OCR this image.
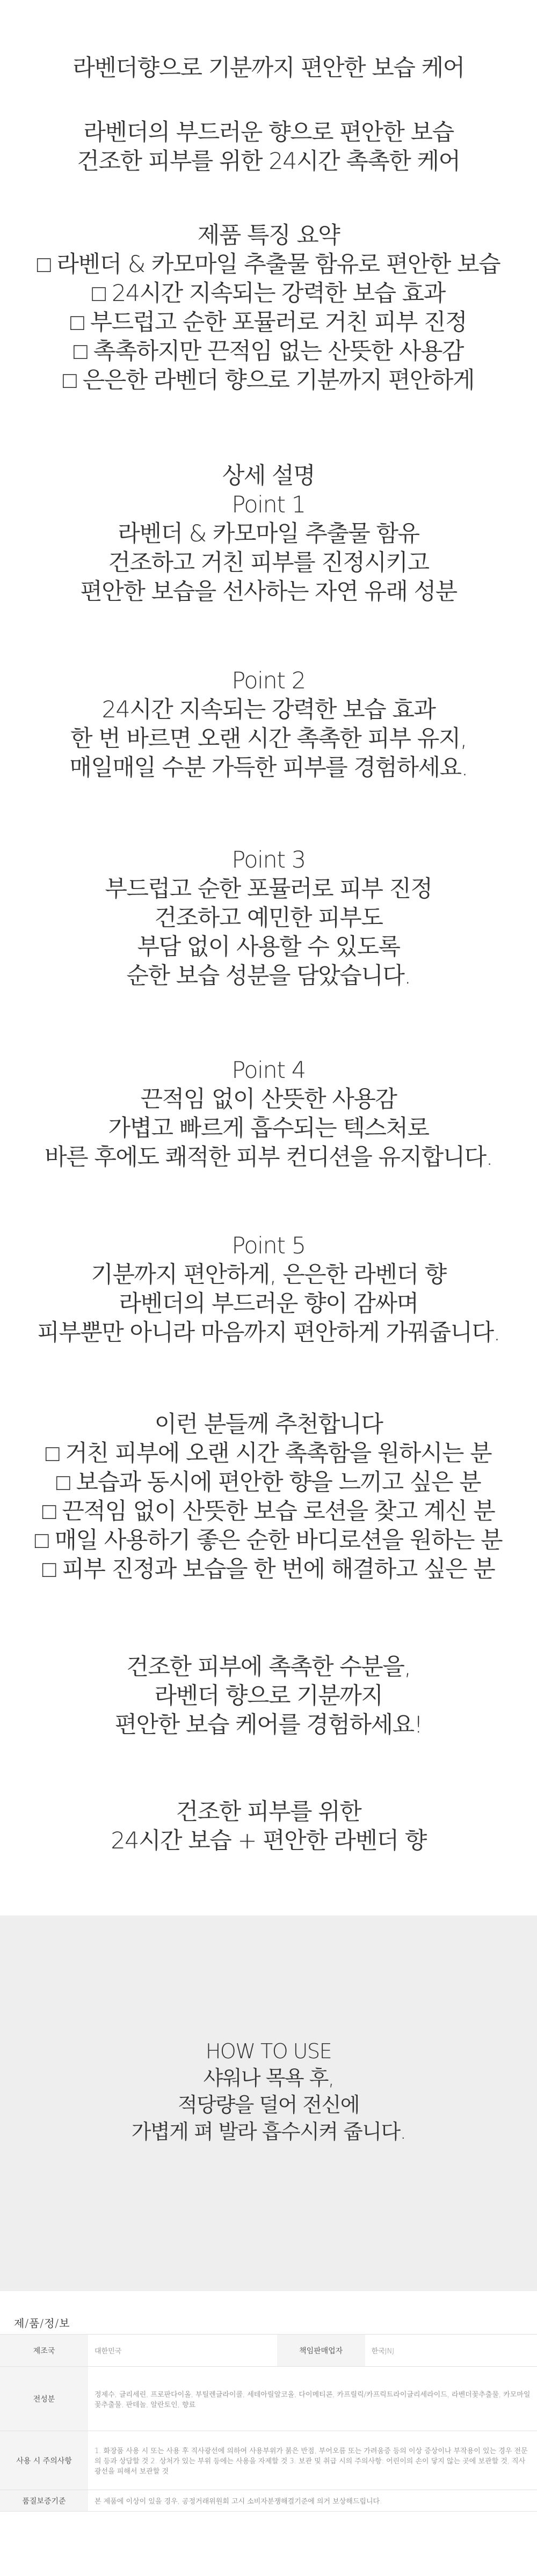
라벤더향으로 기분까지 편안한 보습 케어
라벤더의 부드러운 향으로 편안한 보습
건조한 피부를 위한 24시간 촉촉한 케어
제품 특징 요약
□ 라벤더 & 카모마일 추출물 함유로 편안한 보습
□ 24시간 지속되는 강력한 보습 효과
□ 부드럽고 순한 포뮬러로 거친 피부 진정
□ 촉촉하지만 끈적임 없는 산뜻한 사용감
□ 은은한 라벤더 향으로 기분까지 편안하게
상세 설명
Point 1
라벤더 & 카모마일 추출물 함유
건조하고 거친 피부를 진정시키고
편안한 보습을 선사하는 자연 유래 성분
Point 2
24시간 지속되는 강력한 보습 효과
한 번 바르면 오랜 시간 촉촉한 피부 유지,
매일매일 수분 가득한 피부를 경험하세요.
Point 3
부드럽고 순한 포뮬러로 피부 진정
건조하고 예민한 피부도
부담 없이 사용할 수 있도록
순한 보습 성분을 담았습니다.
Point 4
끈적임 없이 산뜻한 사용감
가볍고 빠르게 흡수되는 텍스처로
바른 후에도 쾌적한 피부 컨디션을 유지합니다.
Point 5
기분까지 편안하게, 은은한 라벤더 향
라벤더의 부드러운 향이 감싸며
피부뿐만 아니라 마음까지 편안하게 가꿔줍니다.
이런 분들께 추천합니다
□ 거친 피부에 오랜 시간 촉촉함을 원하시는 분
□ 보습과 동시에 편안한 향을 느끼고 싶은 분
□ 끈적임 없이 산뜻한 보습 로션을 찾고 계신 분
□ 매일 사용하기 좋은 순한 바디로션을 원하는 분
□ 피부 진정과 보습을 한 번에 해결하고 싶은 분
건조한 피부에 촉촉한 수분을,
라벤더 향으로 기분까지
편안한 보습 케어를 경험하세요!
건조한 피부를 위한
24시간 보습 + 편안한 라벤더 향
HOW TO USE
샤워나 목욕 후,
적당량을 덜어 전신에
가볍게 펴 발라 흡수시켜 줍니다.
제/품/정/보
제조국	대한민국	책임판매업자	한국JNJ
전성분	정제수, 글리세린, 프로판다이올, 부틸렌글라이콜, 세테아릴알코올, 다이메티콘, 카프릴릭/카프릭트라이글리세라이드, 라벤더꽃추출물, 카모마일꽃추출물, 판테놀, 알란토인, 향료		
사용 시 주의사항	1. 화장품 사용 시 또는 사용 후 직사광선에 의하여 사용부위가 붉은 반점, 부어오름 또는 가려움증 등의 이상 증상이나 부작용이 있는 경우 전문의 등과 상담할 것 2. 상처가 있는 부위 등에는 사용을 자제할 것 3. 보관 및 취급 시의 주의사항: 어린이의 손이 닿지 않는 곳에 보관할 것, 직사광선을 피해서 보관할 것		
품질보증기준	본 제품에 이상이 있을 경우, 공정거래위원회 고시 소비자분쟁해결기준에 의거 보상해드립니다.		
